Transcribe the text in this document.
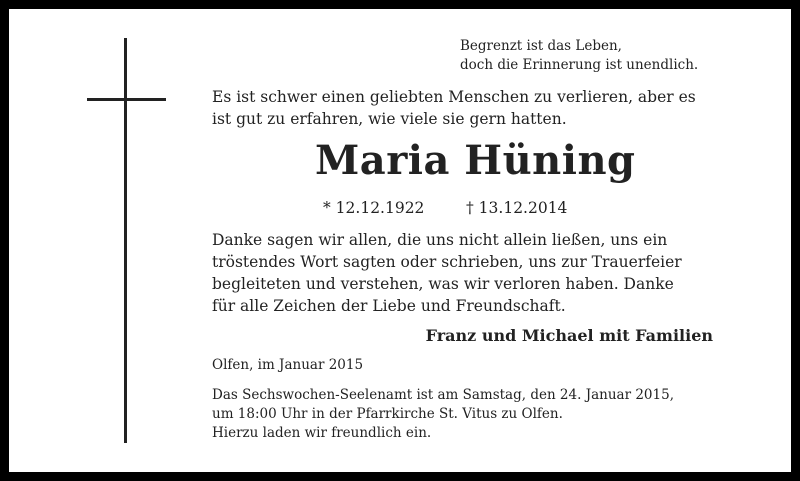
Begrenzt ist das Leben,
doch die Erinnerung ist unendlich.
Es ist schwer einen geliebten Menschen zu verlieren, aber es
ist gut zu erfahren, wie viele sie gern hatten.
Maria Hüning
* 12.12.1922	† 13.12.2014
Danke sagen wir allen, die uns nicht allein ließen, uns ein
tröstendes Wort sagten oder schrieben, uns zur Trauerfeier
begleiteten und verstehen, was wir verloren haben. Danke
für alle Zeichen der Liebe und Freundschaft.
Franz und Michael mit Familien
Olfen, im Januar 2015
Das Sechswochen-Seelenamt ist am Samstag, den 24. Januar 2015,
um 18:00 Uhr in der Pfarrkirche St. Vitus zu Olfen.
Hierzu laden wir freundlich ein.
